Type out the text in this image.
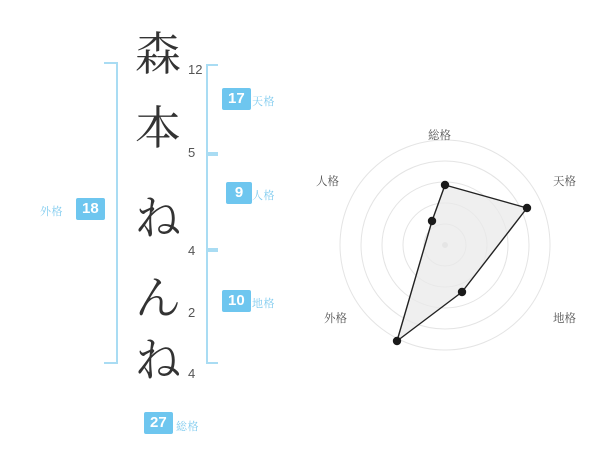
森 12
本 5
ね
4
ん 2
ね 4
17 天格
9 人格
10 地格
18
外格
27 総格
総格
天格
地格
外格
人格
